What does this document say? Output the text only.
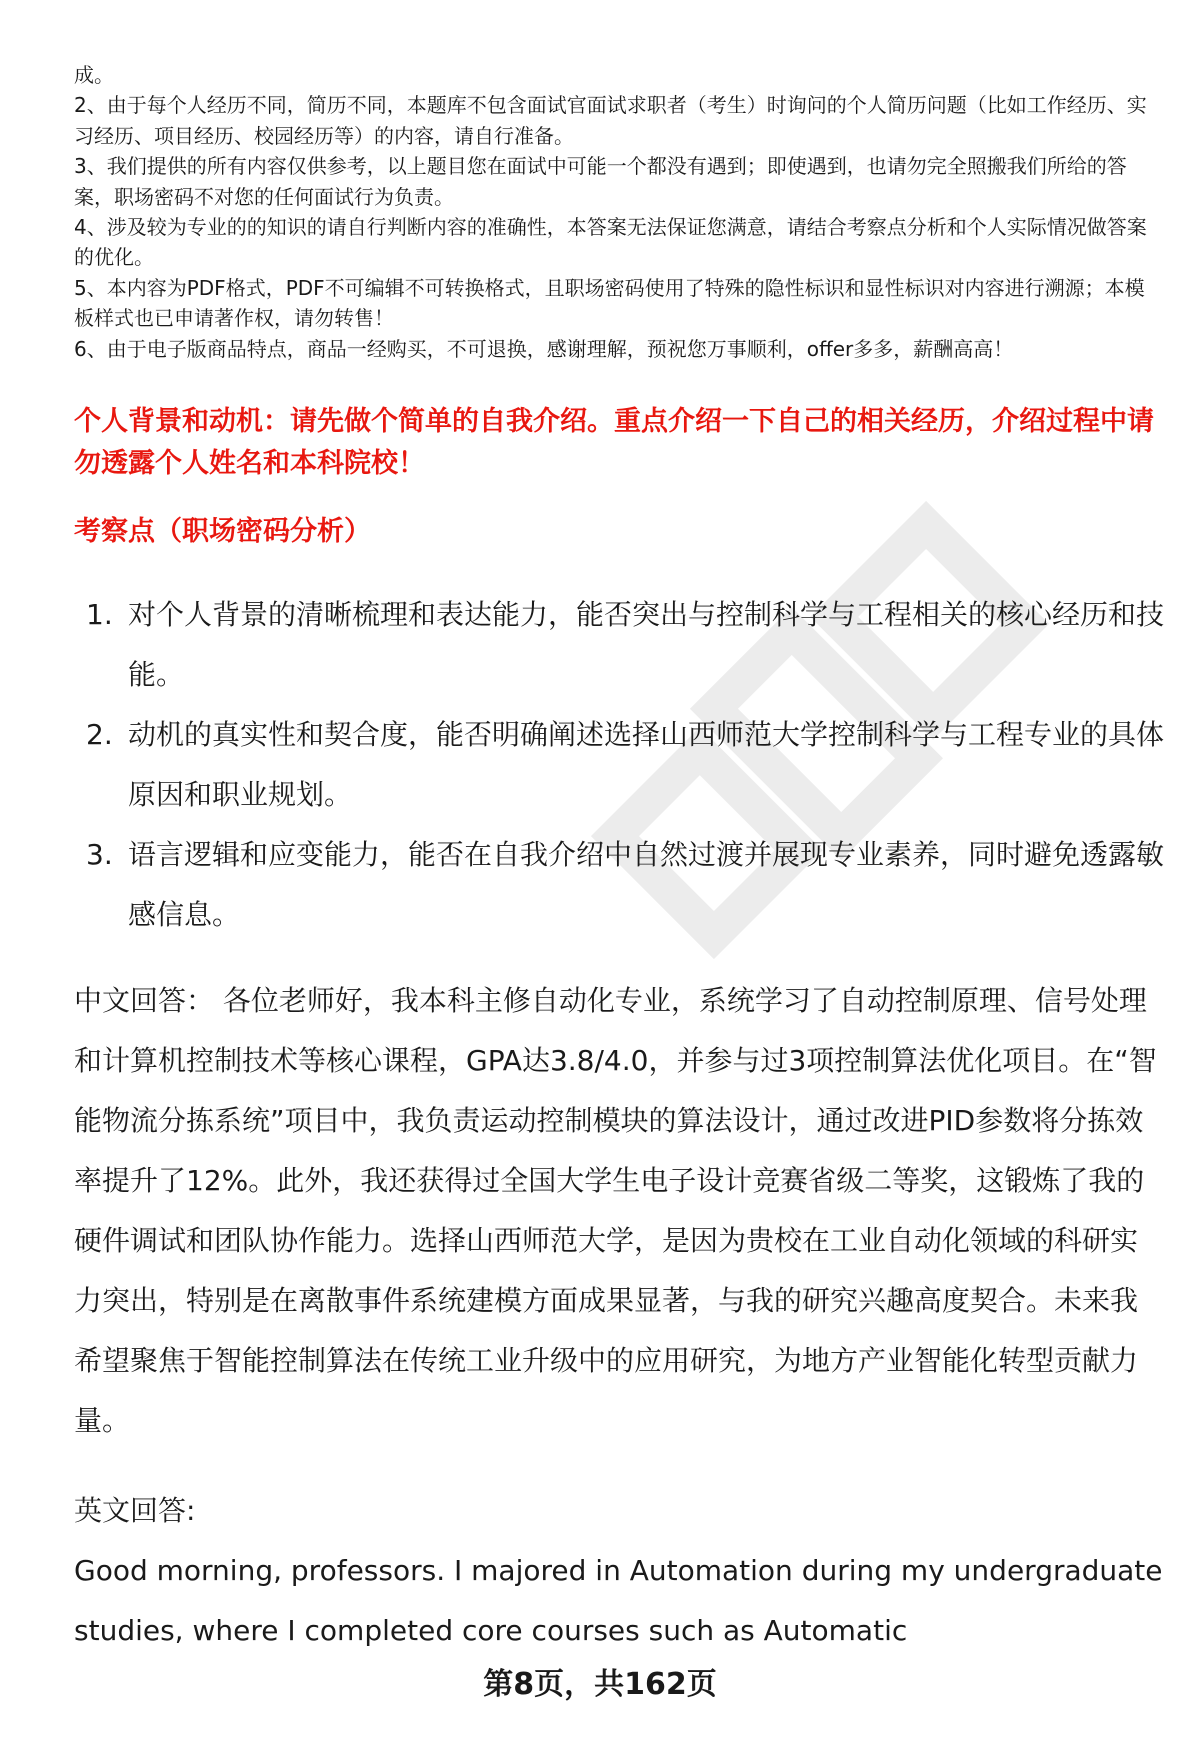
成。

2、由于每个人经历不同，简历不同，本题库不包含面试官面试求职者（考生）时询问的个人简历问题（比如工作经历、实习经历、项目经历、校园经历等）的内容，请自行准备。

3、我们提供的所有内容仅供参考，以上题目您在面试中可能一个都没有遇到；即使遇到，也请勿完全照搬我们所给的答案，职场密码不对您的任何面试行为负责。

4、涉及较为专业的的知识的请自行判断内容的准确性，本答案无法保证您满意，请结合考察点分析和个人实际情况做答案的优化。

5、本内容为PDF格式，PDF不可编辑不可转换格式，且职场密码使用了特殊的隐性标识和显性标识对内容进行溯源；本模板样式也已申请著作权，请勿转售！

6、由于电子版商品特点，商品一经购买，不可退换，感谢理解，预祝您万事顺利，offer多多，薪酬高高！

个人背景和动机：请先做个简单的自我介绍。重点介绍一下自己的相关经历，介绍过程中请勿透露个人姓名和本科院校！

考察点（职场密码分析）

1. 对个人背景的清晰梳理和表达能力，能否突出与控制科学与工程相关的核心经历和技能。
2. 动机的真实性和契合度，能否明确阐述选择山西师范大学控制科学与工程专业的具体原因和职业规划。
3. 语言逻辑和应变能力，能否在自我介绍中自然过渡并展现专业素养，同时避免透露敏感信息。

中文回答： 各位老师好，我本科主修自动化专业，系统学习了自动控制原理、信号处理和计算机控制技术等核心课程，GPA达3.8/4.0，并参与过3项控制算法优化项目。在“智能物流分拣系统”项目中，我负责运动控制模块的算法设计，通过改进PID参数将分拣效率提升了12%。此外，我还获得过全国大学生电子设计竞赛省级二等奖，这锻炼了我的硬件调试和团队协作能力。选择山西师范大学，是因为贵校在工业自动化领域的科研实力突出，特别是在离散事件系统建模方面成果显著，与我的研究兴趣高度契合。未来我希望聚焦于智能控制算法在传统工业升级中的应用研究，为地方产业智能化转型贡献力量。

英文回答:

Good morning, professors. I majored in Automation during my undergraduate studies, where I completed core courses such as Automatic

第8页，共162页
